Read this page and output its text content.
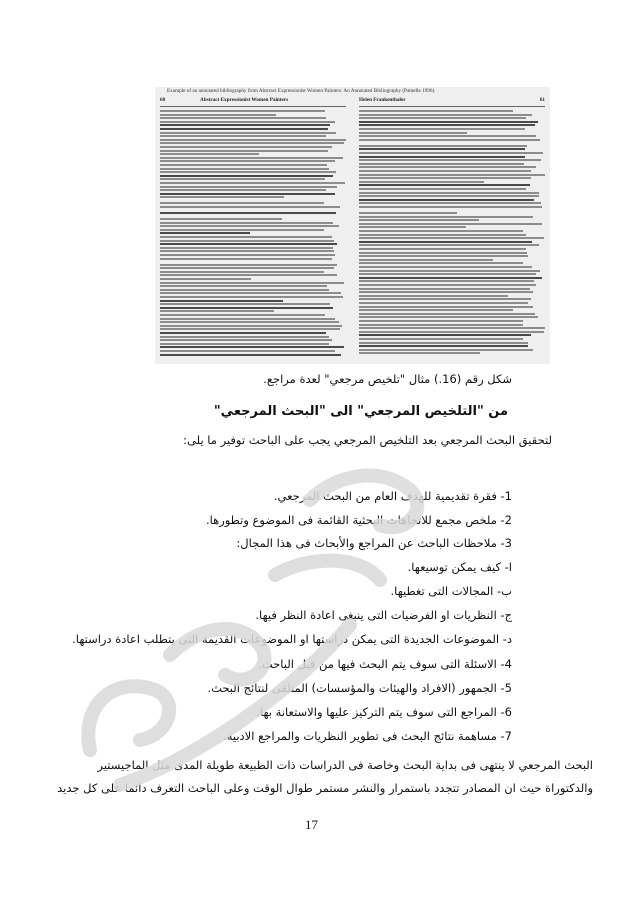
Example of an annotated bibliography from Abstract Expressionist Women Painters: An Annotated Bibliography (Patnelle 1996).
60	Abstract Expressionist Women Painters	Helen Frankenthaler	61
شكل رقم (16.) مثال "تلخيص مرجعي" لعدة مراجع.
من "التلخيص المرجعي" الى "البحث المرجعي"
لتحقيق البحث المرجعي بعد التلخيص المرجعي يجب على الباحث توفير ما يلى:
1- فقرة تقديمية للهدف العام من البحث المرجعي.
2- ملخص مجمع للاتجاهات البحثية القائمة فى الموضوع وتطورها.
3- ملاحظات الباحث عن المراجع والأبحاث فى هذا المجال:
ا- كيف يمكن توسيعها.
ب- المجالات التى تغطيها.
ج- النظريات او الفرضيات التى ينبغى اعادة النظر فيها.
د- الموضوعات الجديدة التى يمكن دراستها او الموضوعات القديمة التى يتطلب اعادة دراستها.
4- الاسئلة التى سوف يتم البحث فيها من قبل الباحث.
5- الجمهور (الافراد والهيئات والمؤسسات) المتلقى لنتائج البحث.
6- المراجع التى سوف يتم التركيز عليها والاستعانة بها.
7- مساهمة نتائج البحث فى تطوير النظريات والمراجع الادبية.
البحث المرجعي لا ينتهى فى بداية البحث وخاصة فى الدراسات ذات الطبيعة طويلة المدى مثل الماجيستير
والدكتوراة حيث ان المصادر تتجدد باستمرار والنشر مستمر طوال الوقت وعلى الباحث التعرف دائما على كل جديد
17
